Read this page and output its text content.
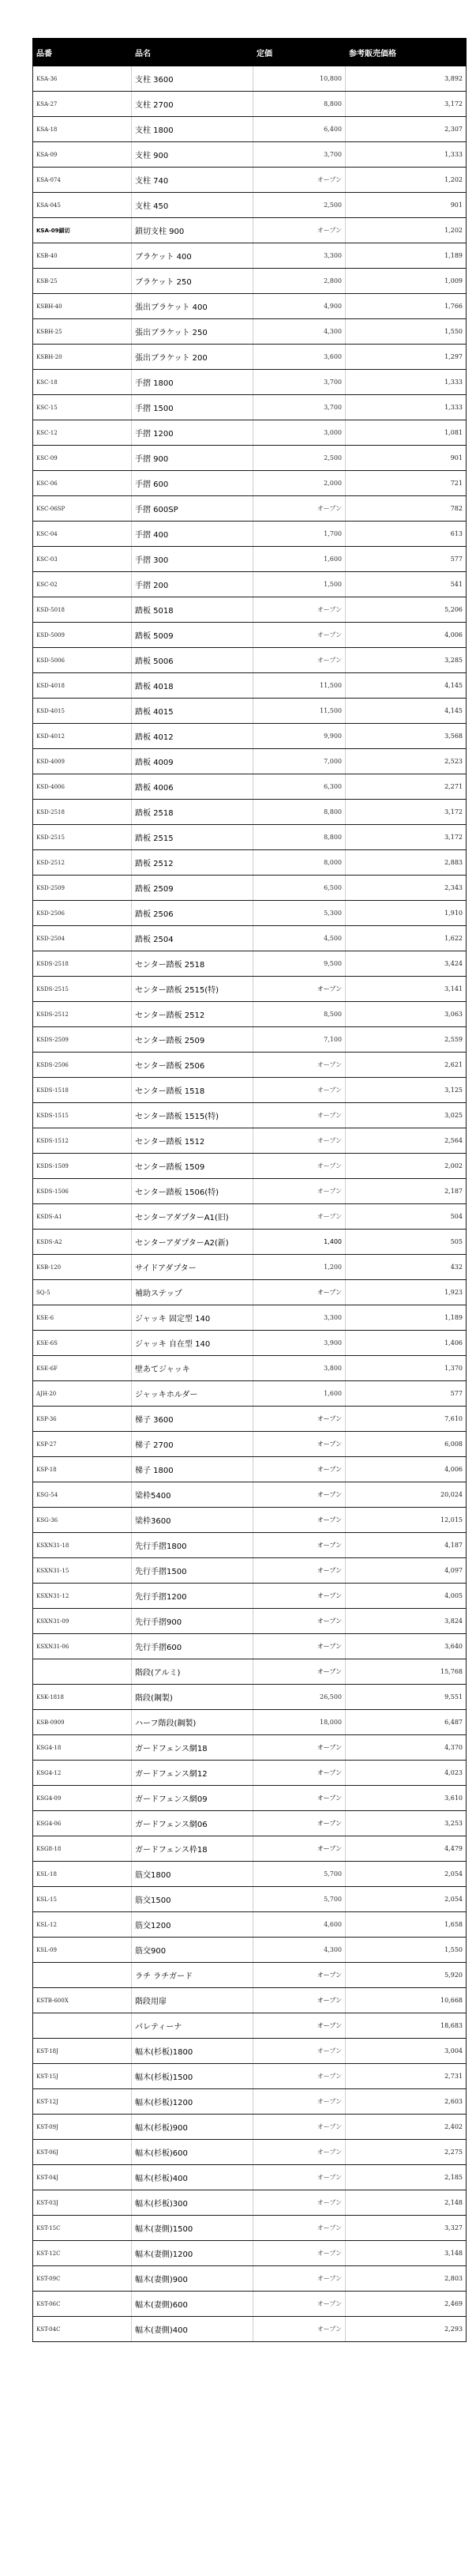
品番	品名	定価	参考販売価格
KSA-36	支柱 3600	10,800	3,892
KSA-27	支柱 2700	8,800	3,172
KSA-18	支柱 1800	6,400	2,307
KSA-09	支柱 900	3,700	1,333
KSA-074	支柱 740	オープン	1,202
KSA-045	支柱 450	2,500	901
KSA-09鎖切	鎖切支柱 900	オープン	1,202
KSB-40	ブラケット 400	3,300	1,189
KSB-25	ブラケット 250	2,800	1,009
KSBH-40	張出ブラケット 400	4,900	1,766
KSBH-25	張出ブラケット 250	4,300	1,550
KSBH-20	張出ブラケット 200	3,600	1,297
KSC-18	手摺 1800	3,700	1,333
KSC-15	手摺 1500	3,700	1,333
KSC-12	手摺 1200	3,000	1,081
KSC-09	手摺 900	2,500	901
KSC-06	手摺 600	2,000	721
KSC-06SP	手摺 600SP	オープン	782
KSC-04	手摺 400	1,700	613
KSC-03	手摺 300	1,600	577
KSC-02	手摺 200	1,500	541
KSD-5018	踏板 5018	オープン	5,206
KSD-5009	踏板 5009	オープン	4,006
KSD-5006	踏板 5006	オープン	3,285
KSD-4018	踏板 4018	11,500	4,145
KSD-4015	踏板 4015	11,500	4,145
KSD-4012	踏板 4012	9,900	3,568
KSD-4009	踏板 4009	7,000	2,523
KSD-4006	踏板 4006	6,300	2,271
KSD-2518	踏板 2518	8,800	3,172
KSD-2515	踏板 2515	8,800	3,172
KSD-2512	踏板 2512	8,000	2,883
KSD-2509	踏板 2509	6,500	2,343
KSD-2506	踏板 2506	5,300	1,910
KSD-2504	踏板 2504	4,500	1,622
KSDS-2518	センター踏板 2518	9,500	3,424
KSDS-2515	センター踏板 2515(特)	オープン	3,141
KSDS-2512	センター踏板 2512	8,500	3,063
KSDS-2509	センター踏板 2509	7,100	2,559
KSDS-2506	センター踏板 2506	オープン	2,621
KSDS-1518	センター踏板 1518	オープン	3,125
KSDS-1515	センター踏板 1515(特)	オープン	3,025
KSDS-1512	センター踏板 1512	オープン	2,564
KSDS-1509	センター踏板 1509	オープン	2,002
KSDS-1506	センター踏板 1506(特)	オープン	2,187
KSDS-A1	センターアダプターA1(旧)	オープン	504
KSDS-A2	センターアダプターA2(新)	1,400	505
KSB-120	サイドアダプター	1,200	432
SQ-5	補助ステップ	オープン	1,923
KSE-6	ジャッキ 固定型 140	3,300	1,189
KSE-6S	ジャッキ 自在型 140	3,900	1,406
KSE-6F	壁あてジャッキ	3,800	1,370
AJH-20	ジャッキホルダー	1,600	577
KSP-36	梯子 3600	オープン	7,610
KSP-27	梯子 2700	オープン	6,008
KSP-18	梯子 1800	オープン	4,006
KSG-54	梁枠5400	オープン	20,024
KSG-36	梁枠3600	オープン	12,015
KSXN31-18	先行手摺1800	オープン	4,187
KSXN31-15	先行手摺1500	オープン	4,097
KSXN31-12	先行手摺1200	オープン	4,005
KSXN31-09	先行手摺900	オープン	3,824
KSXN31-06	先行手摺600	オープン	3,640
	階段(アルミ)	オープン	15,768
KSK-1818	階段(鋼製)	26,500	9,551
KSB-0909	ハーフ階段(鋼製)	18,000	6,487
KSG4-18	ガードフェンス網18	オープン	4,370
KSG4-12	ガードフェンス網12	オープン	4,023
KSG4-09	ガードフェンス網09	オープン	3,610
KSG4-06	ガードフェンス網06	オープン	3,253
KSG8-18	ガードフェンス枠18	オープン	4,479
KSL-18	筋交1800	5,700	2,054
KSL-15	筋交1500	5,700	2,054
KSL-12	筋交1200	4,600	1,658
KSL-09	筋交900	4,300	1,550
	ラチ ラチガード	オープン	5,920
KSTB-600X	階段用扉	オープン	10,668
	パレティーナ	オープン	18,683
KST-18J	幅木(杉板)1800	オープン	3,004
KST-15J	幅木(杉板)1500	オープン	2,731
KST-12J	幅木(杉板)1200	オープン	2,603
KST-09J	幅木(杉板)900	オープン	2,402
KST-06J	幅木(杉板)600	オープン	2,275
KST-04J	幅木(杉板)400	オープン	2,185
KST-03J	幅木(杉板)300	オープン	2,148
KST-15C	幅木(妻側)1500	オープン	3,327
KST-12C	幅木(妻側)1200	オープン	3,148
KST-09C	幅木(妻側)900	オープン	2,803
KST-06C	幅木(妻側)600	オープン	2,469
KST-04C	幅木(妻側)400	オープン	2,293
